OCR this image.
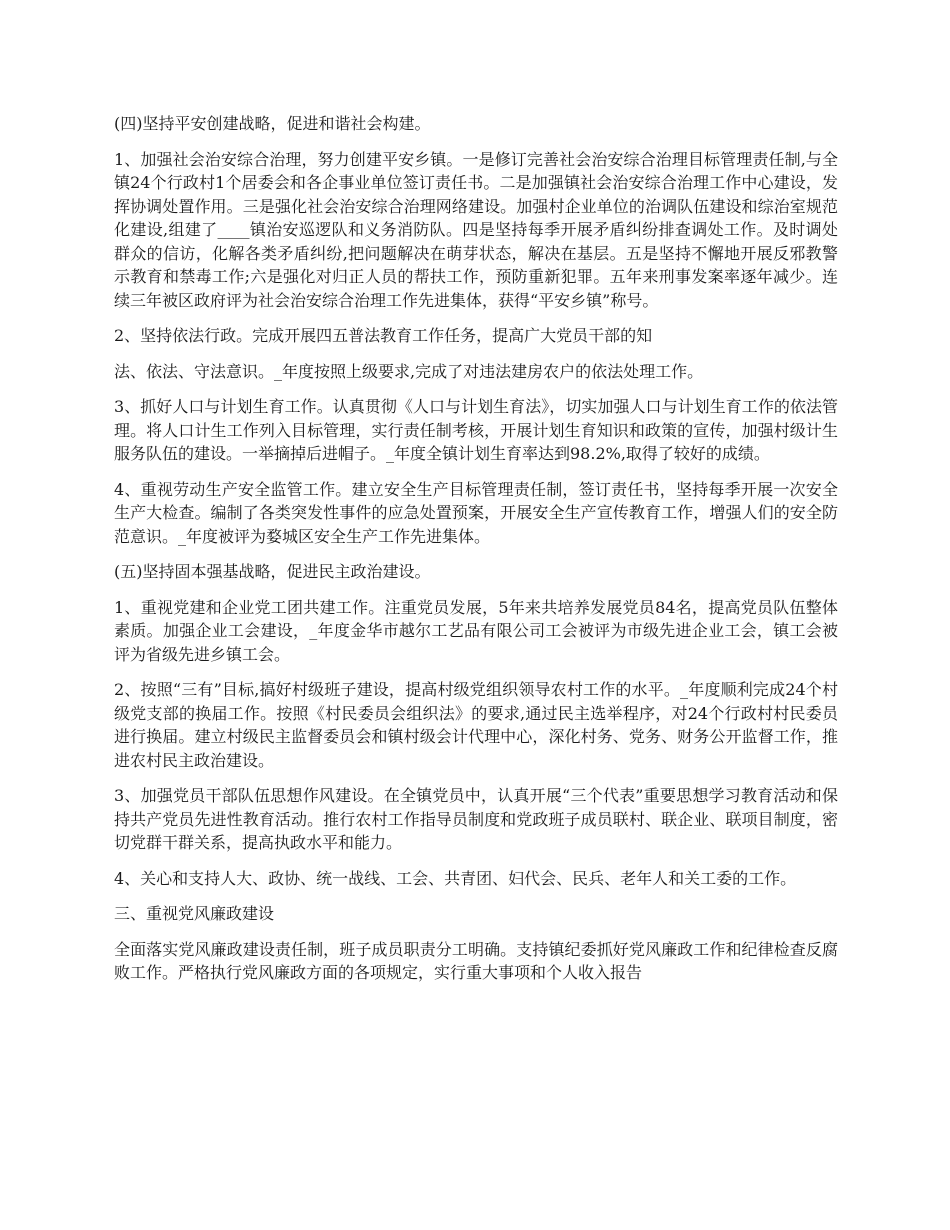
(四)坚持平安创建战略，促进和谐社会构建。

1、加强社会治安综合治理，努力创建平安乡镇。一是修订完善社会治安综合治理目标管理责任制,与全镇24个行政村1个居委会和各企事业单位签订责任书。二是加强镇社会治安综合治理工作中心建设，发挥协调处置作用。三是强化社会治安综合治理网络建设。加强村企业单位的治调队伍建设和综治室规范化建设,组建了____镇治安巡逻队和义务消防队。四是坚持每季开展矛盾纠纷排查调处工作。及时调处群众的信访，化解各类矛盾纠纷,把问题解决在萌芽状态，解决在基层。五是坚持不懈地开展反邪教警示教育和禁毒工作;六是强化对归正人员的帮扶工作，预防重新犯罪。五年来刑事发案率逐年减少。连续三年被区政府评为社会治安综合治理工作先进集体，获得“平安乡镇”称号。

2、坚持依法行政。完成开展四五普法教育工作任务，提高广大党员干部的知

法、依法、守法意识。_年度按照上级要求,完成了对违法建房农户的依法处理工作。

3、抓好人口与计划生育工作。认真贯彻《人口与计划生育法》，切实加强人口与计划生育工作的依法管理。将人口计生工作列入目标管理，实行责任制考核，开展计划生育知识和政策的宣传，加强村级计生服务队伍的建设。一举摘掉后进帽子。_年度全镇计划生育率达到98.2%,取得了较好的成绩。

4、重视劳动生产安全监管工作。建立安全生产目标管理责任制，签订责任书，坚持每季开展一次安全生产大检查。编制了各类突发性事件的应急处置预案，开展安全生产宣传教育工作，增强人们的安全防范意识。_年度被评为婺城区安全生产工作先进集体。

(五)坚持固本强基战略，促进民主政治建设。

1、重视党建和企业党工团共建工作。注重党员发展，5年来共培养发展党员84名，提高党员队伍整体素质。加强企业工会建设，_年度金华市越尔工艺品有限公司工会被评为市级先进企业工会，镇工会被评为省级先进乡镇工会。

2、按照“三有”目标,搞好村级班子建设，提高村级党组织领导农村工作的水平。_年度顺利完成24个村级党支部的换届工作。按照《村民委员会组织法》的要求,通过民主选举程序，对24个行政村村民委员进行换届。建立村级民主监督委员会和镇村级会计代理中心，深化村务、党务、财务公开监督工作，推进农村民主政治建设。

3、加强党员干部队伍思想作风建设。在全镇党员中，认真开展“三个代表”重要思想学习教育活动和保持共产党员先进性教育活动。推行农村工作指导员制度和党政班子成员联村、联企业、联项目制度，密切党群干群关系，提高执政水平和能力。

4、关心和支持人大、政协、统一战线、工会、共青团、妇代会、民兵、老年人和关工委的工作。

三、重视党风廉政建设

全面落实党风廉政建设责任制，班子成员职责分工明确。支持镇纪委抓好党风廉政工作和纪律检查反腐败工作。严格执行党风廉政方面的各项规定，实行重大事项和个人收入报告
